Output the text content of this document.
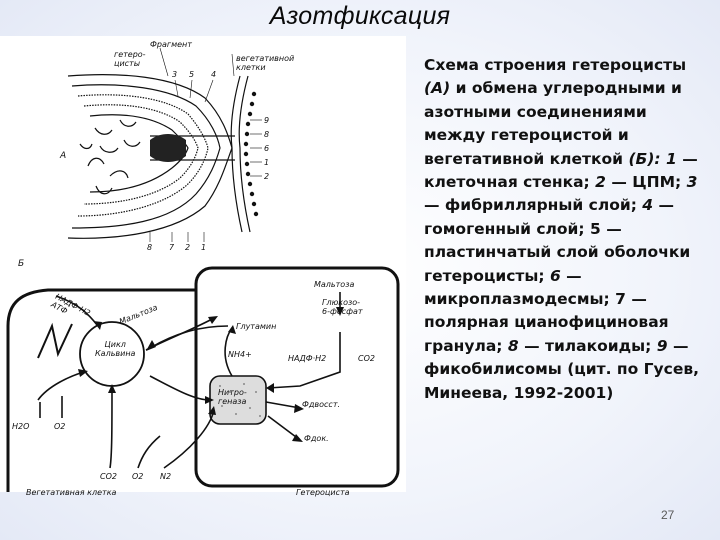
Азотфиксация
А
Фрагмент
гетеро-
цисты
вегетативной
клетки
3 5 4
9
8
6
1
2
8 7 2 1
Б
НАДФ·Н2
АТФ	Мальтоза
Мальтоза
Глюкозо-
6-фосфат
Глутамин
Цикл
Кальвина	NH4+	НАДФ·Н2	CO2
Нитро-
геназа	Фдвосст.
Фдок.
H2O	O2
CO2 O2 N2
Вегетативная клетка	Гетероциста
Схема строения гетероцисты (А) и обмена углеродными и азотными соединениями между гетероцистой и вегетативной клеткой (Б): 1 — клеточная стенка; 2 — ЦПМ; 3 — фибриллярный слой; 4 — гомогенный слой; 5 — пластинчатый слой оболочки гетероцисты; 6 — микроплазмодесмы; 7 — полярная цианофициновая гранула; 8 — тилакоиды; 9 — фикобилисомы (цит. по Гусев, Минеева, 1992-2001)
27
